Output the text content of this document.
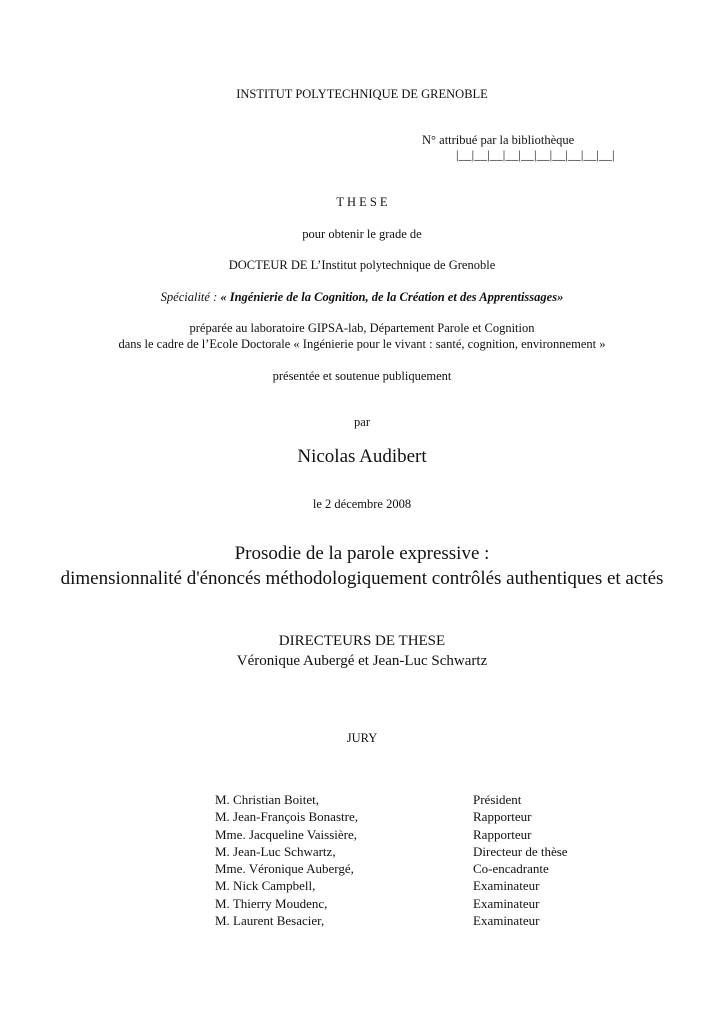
INSTITUT POLYTECHNIQUE DE GRENOBLE
N° attribué par la bibliothèque
|__|__|__|__|__|__|__|__|__|__|
T H E S E
pour obtenir le grade de
DOCTEUR DE L’Institut polytechnique de Grenoble
Spécialité : « Ingénierie de la Cognition, de la Création et des Apprentissages»
préparée au laboratoire GIPSA-lab, Département Parole et Cognition
dans le cadre de l’Ecole Doctorale « Ingénierie pour le vivant : santé, cognition, environnement »
présentée et soutenue publiquement
par
Nicolas Audibert
le 2 décembre 2008
Prosodie de la parole expressive :
dimensionnalité d'énoncés méthodologiquement contrôlés authentiques et actés
DIRECTEURS DE THESE
Véronique Aubergé et Jean-Luc Schwartz
JURY
M. Christian Boitet,	Président
M. Jean-François Bonastre,	Rapporteur
Mme. Jacqueline Vaissière,	Rapporteur
M. Jean-Luc Schwartz,	Directeur de thèse
Mme. Véronique Aubergé,	Co-encadrante
M. Nick Campbell,	Examinateur
M. Thierry Moudenc,	Examinateur
M. Laurent Besacier,	Examinateur
